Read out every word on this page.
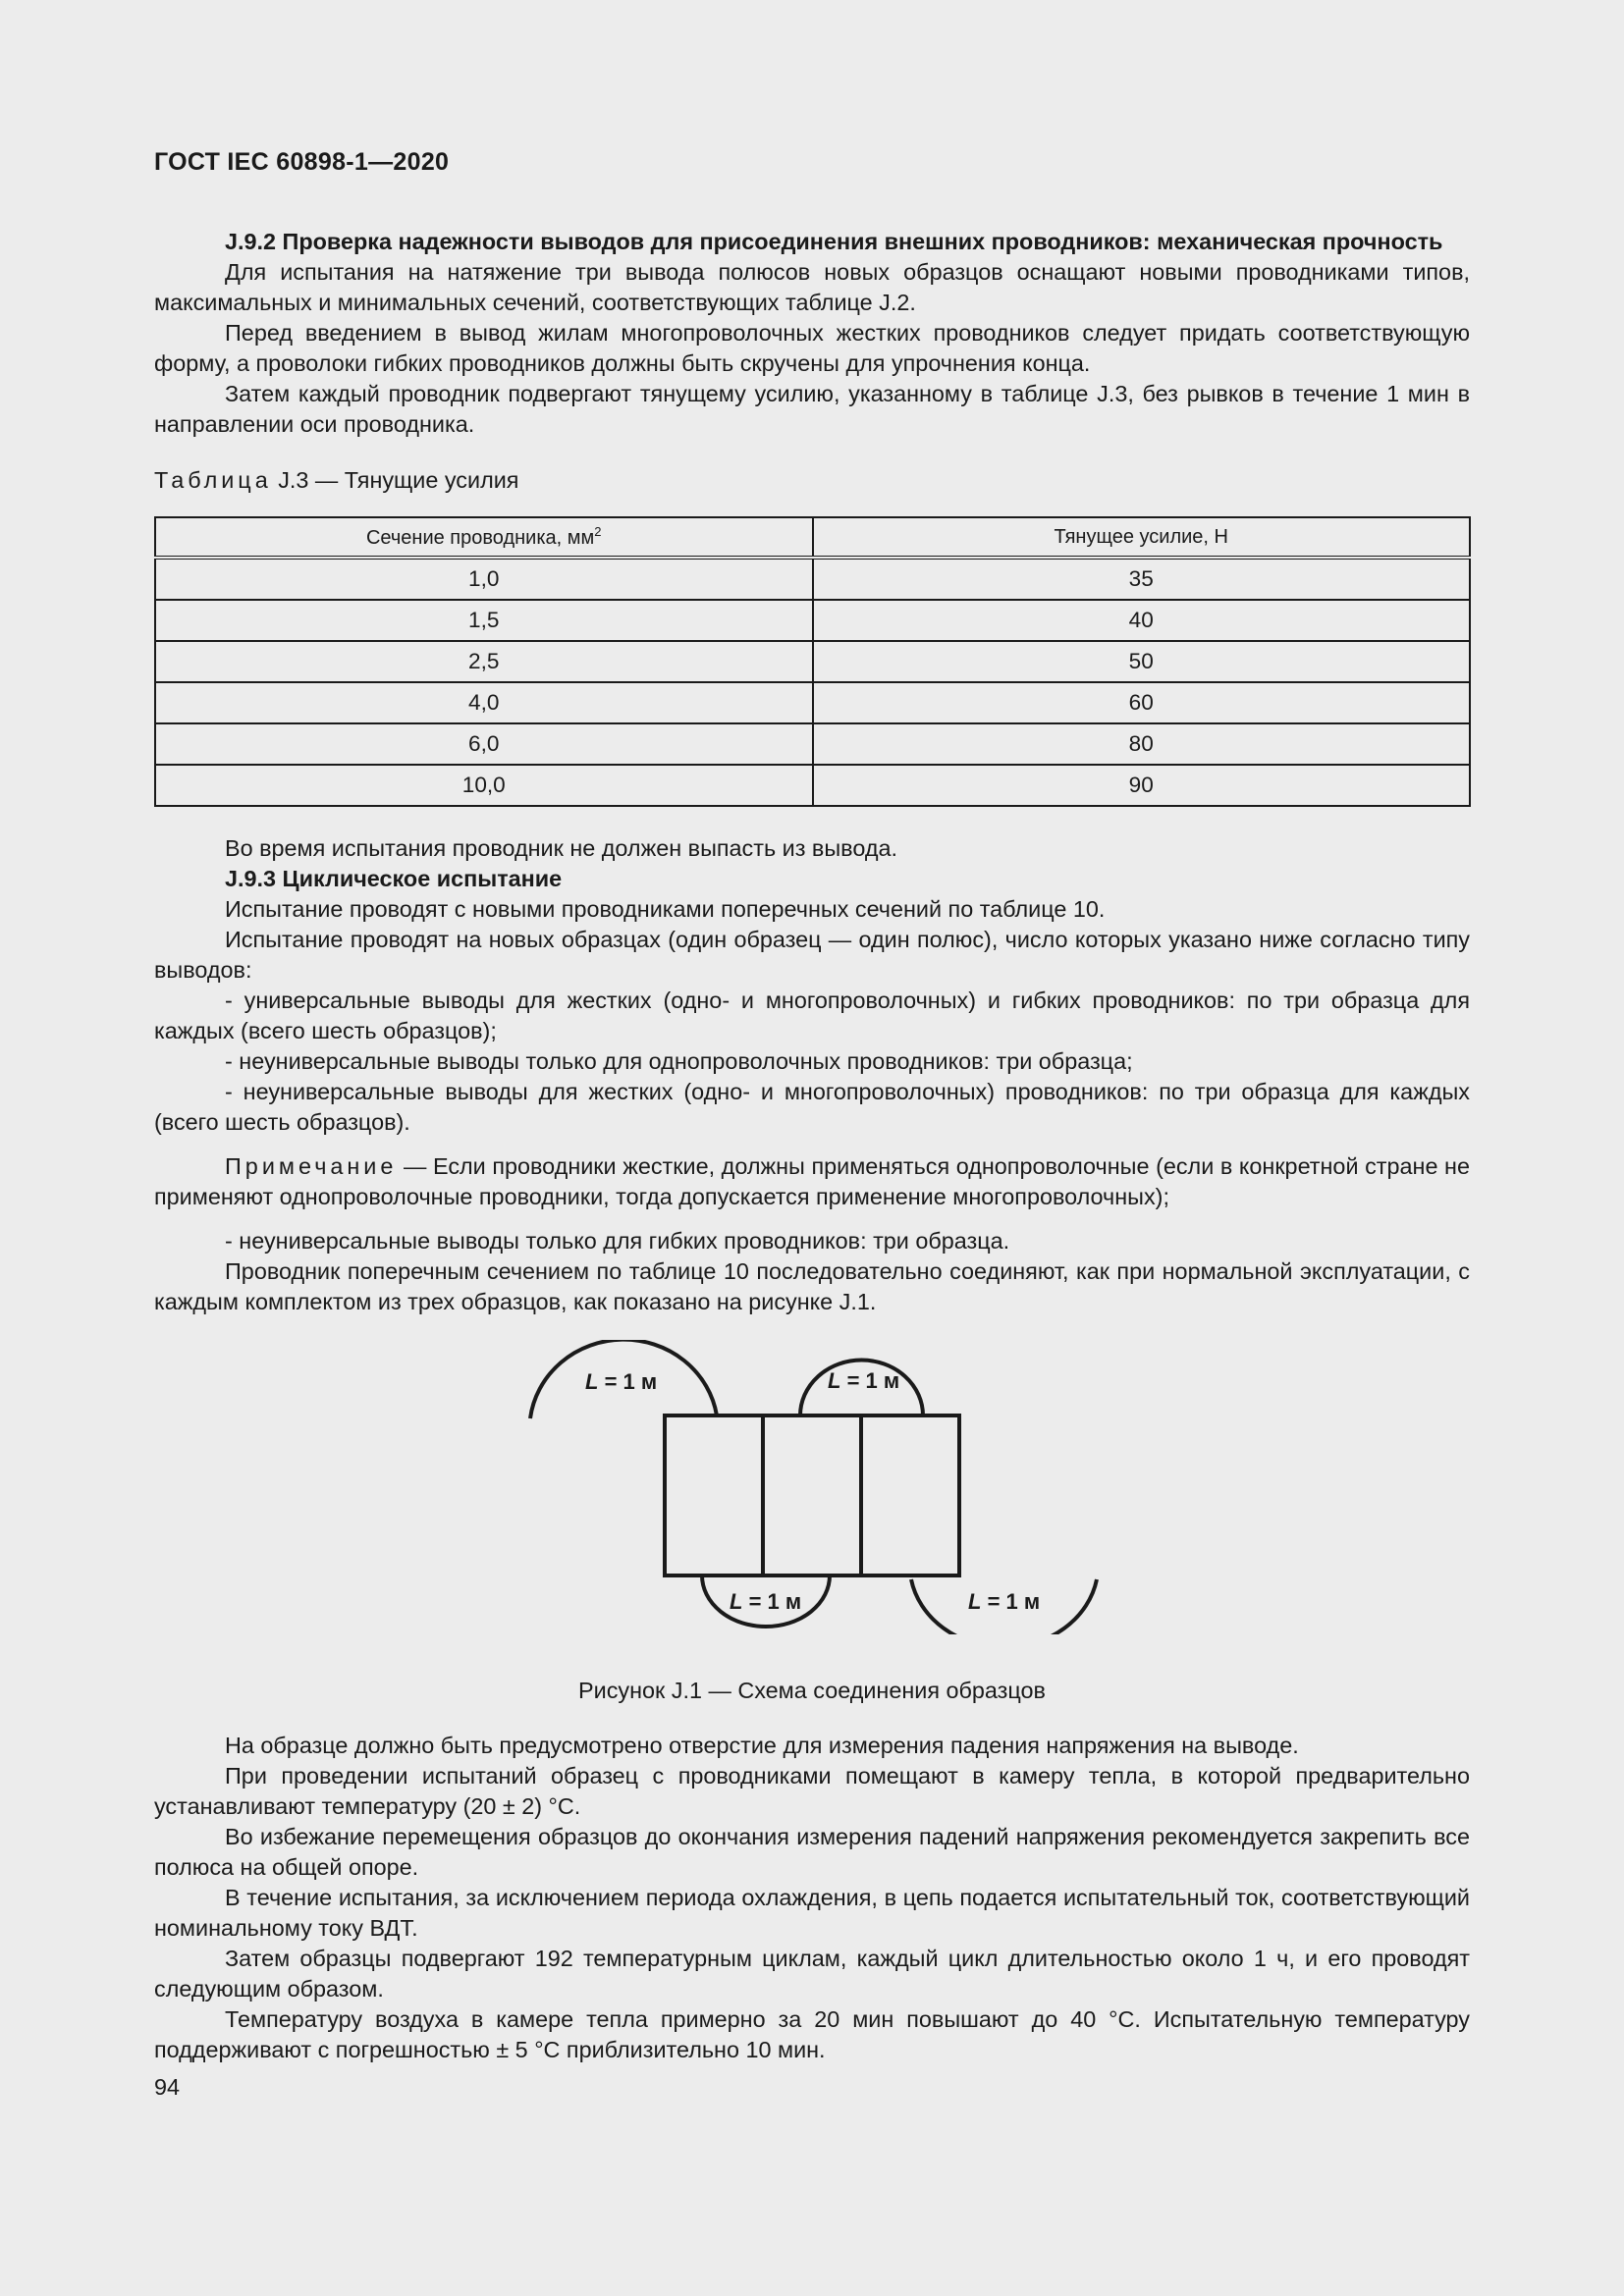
ГОСТ IEC 60898-1—2020

J.9.2 Проверка надежности выводов для присоединения внешних проводников: механическая прочность

Для испытания на натяжение три вывода полюсов новых образцов оснащают новыми проводниками типов, максимальных и минимальных сечений, соответствующих таблице J.2.

Перед введением в вывод жилам многопроволочных жестких проводников следует придать соответствующую форму, а проволоки гибких проводников должны быть скручены для упрочнения конца.

Затем каждый проводник подвергают тянущему усилию, указанному в таблице J.3, без рывков в течение 1 мин в направлении оси проводника.

Таблица J.3 — Тянущие усилия
Сечение проводника, $мм^2$	Тянущее усилие, Н
1,0	35
1,5	40
2,5	50
4,0	60
6,0	80
10,0	90

Во время испытания проводник не должен выпасть из вывода.

J.9.3 Циклическое испытание

Испытание проводят с новыми проводниками поперечных сечений по таблице 10.

Испытание проводят на новых образцах (один образец — один полюс), число которых указано ниже согласно типу выводов:

- универсальные выводы для жестких (одно- и многопроволочных) и гибких проводников: по три образца для каждых (всего шесть образцов);

- неуниверсальные выводы только для однопроволочных проводников: три образца;

- неуниверсальные выводы для жестких (одно- и многопроволочных) проводников: по три образца для каждых (всего шесть образцов).

Примечание — Если проводники жесткие, должны применяться однопроволочные (если в конкретной стране не применяют однопроволочные проводники, тогда допускается применение многопроволочных);

- неуниверсальные выводы только для гибких проводников: три образца.

Проводник поперечным сечением по таблице 10 последовательно соединяют, как при нормальной эксплуатации, с каждым комплектом из трех образцов, как показано на рисунке J.1.

L = 1 м	L = 1 м
L = 1 м	L = 1 м
Рисунок J.1 — Схема соединения образцов

На образце должно быть предусмотрено отверстие для измерения падения напряжения на выводе.

При проведении испытаний образец с проводниками помещают в камеру тепла, в которой предварительно устанавливают температуру (20 ± 2) °С.

Во избежание перемещения образцов до окончания измерения падений напряжения рекомендуется закрепить все полюса на общей опоре.

В течение испытания, за исключением периода охлаждения, в цепь подается испытательный ток, соответствующий номинальному току ВДТ.

Затем образцы подвергают 192 температурным циклам, каждый цикл длительностью около 1 ч, и его проводят следующим образом.

Температуру воздуха в камере тепла примерно за 20 мин повышают до 40 °С. Испытательную температуру поддерживают с погрешностью ± 5 °С приблизительно 10 мин.

94
